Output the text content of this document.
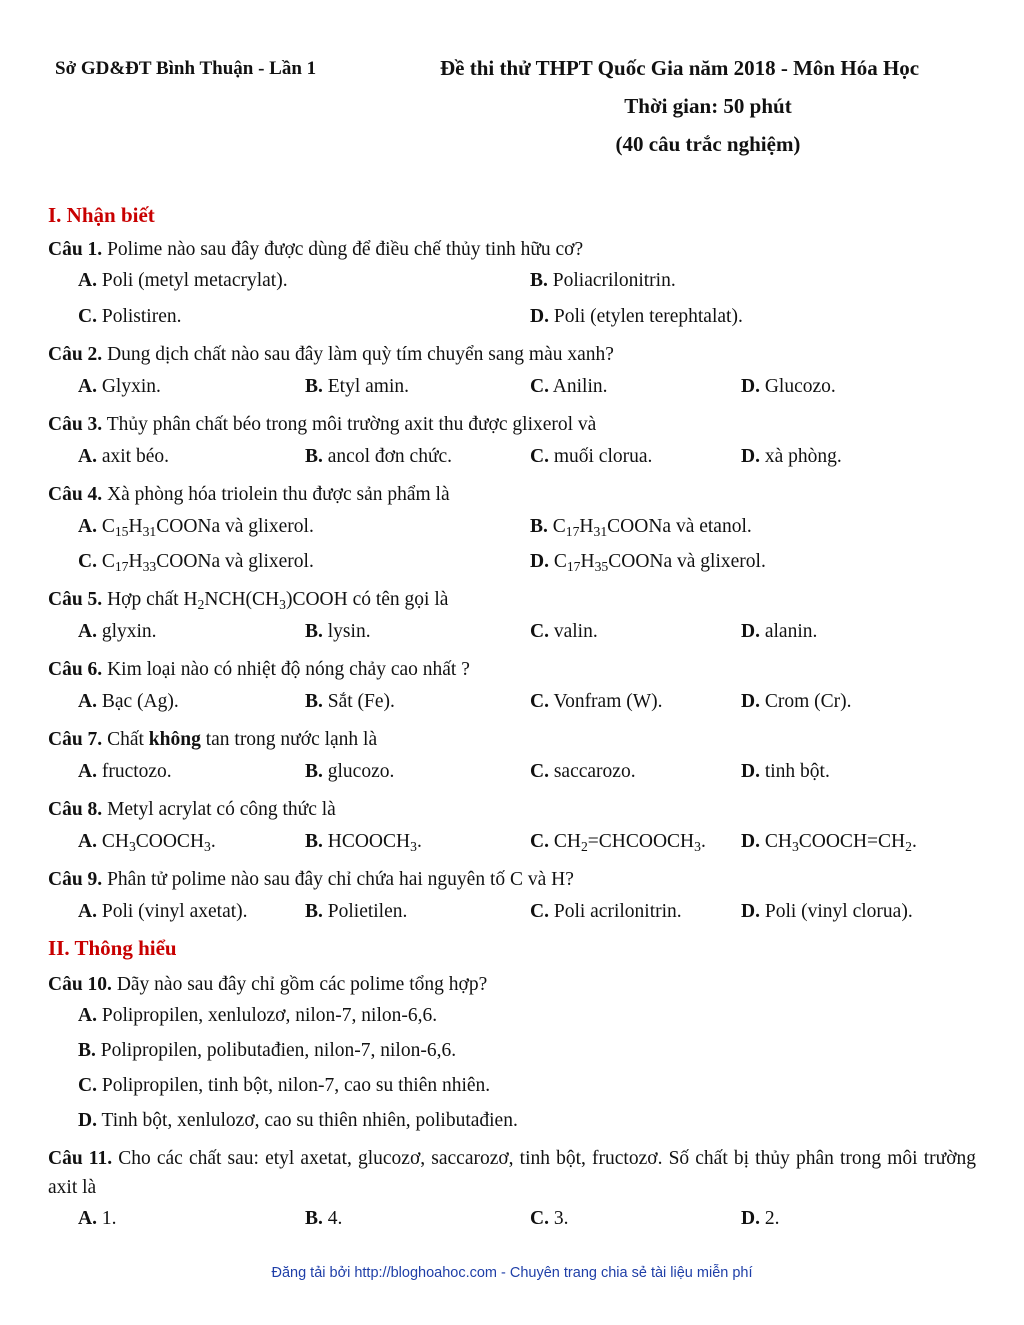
Sở GD&ĐT Bình Thuận - Lần 1	Đề thi thử THPT Quốc Gia năm 2018 - Môn Hóa Học
Thời gian: 50 phút
(40 câu trắc nghiệm)
I. Nhận biết
Câu 1. Polime nào sau đây được dùng để điều chế thủy tinh hữu cơ?
A. Poli (metyl metacrylat).	B. Poliacrilonitrin.
C. Polistiren.	D. Poli (etylen terephtalat).
Câu 2. Dung dịch chất nào sau đây làm quỳ tím chuyển sang màu xanh?
A. Glyxin.	B. Etyl amin.	C. Anilin.	D. Glucozo.
Câu 3. Thủy phân chất béo trong môi trường axit thu được glixerol và
A. axit béo.	B. ancol đơn chức.	C. muối clorua.	D. xà phòng.
Câu 4. Xà phòng hóa triolein thu được sản phẩm là
A. $C_{15}H_{31}COONa$ và glixerol.	B. $C_{17}H_{31}COONa$ và etanol.
C. $C_{17}H_{33}COONa$ và glixerol.	D. $C_{17}H_{35}COONa$ và glixerol.
Câu 5. Hợp chất $H_2NCH(CH_3)COOH$ có tên gọi là
A. glyxin.	B. lysin.	C. valin.	D. alanin.
Câu 6. Kim loại nào có nhiệt độ nóng chảy cao nhất ?
A. Bạc (Ag).	B. Sắt (Fe).	C. Vonfram (W).	D. Crom (Cr).
Câu 7. Chất không tan trong nước lạnh là
A. fructozo.	B. glucozo.	C. saccarozo.	D. tinh bột.
Câu 8. Metyl acrylat có công thức là
A. $CH_3COOCH_3$.	B. $HCOOCH_3$.	C. $CH_2=CHCOOCH_3$. D. $CH_3COOCH=CH_2$.
Câu 9. Phân tử polime nào sau đây chỉ chứa hai nguyên tố C và H?
A. Poli (vinyl axetat).	B. Polietilen.	C. Poli acrilonitrin.	D. Poli (vinyl clorua).
II. Thông hiểu
Câu 10. Dãy nào sau đây chỉ gồm các polime tổng hợp?
A. Polipropilen, xenlulozơ, nilon-7, nilon-6,6.
B. Polipropilen, polibutađien, nilon-7, nilon-6,6.
C. Polipropilen, tinh bột, nilon-7, cao su thiên nhiên.
D. Tinh bột, xenlulozơ, cao su thiên nhiên, polibutađien.
Câu 11. Cho các chất sau: etyl axetat, glucozơ, saccarozơ, tinh bột, fructozơ. Số chất bị thủy phân trong môi trường axit là
A. 1.	B. 4.	C. 3.	D. 2.
Đăng tải bởi http://bloghoahoc.com - Chuyên trang chia sẻ tài liệu miễn phí
